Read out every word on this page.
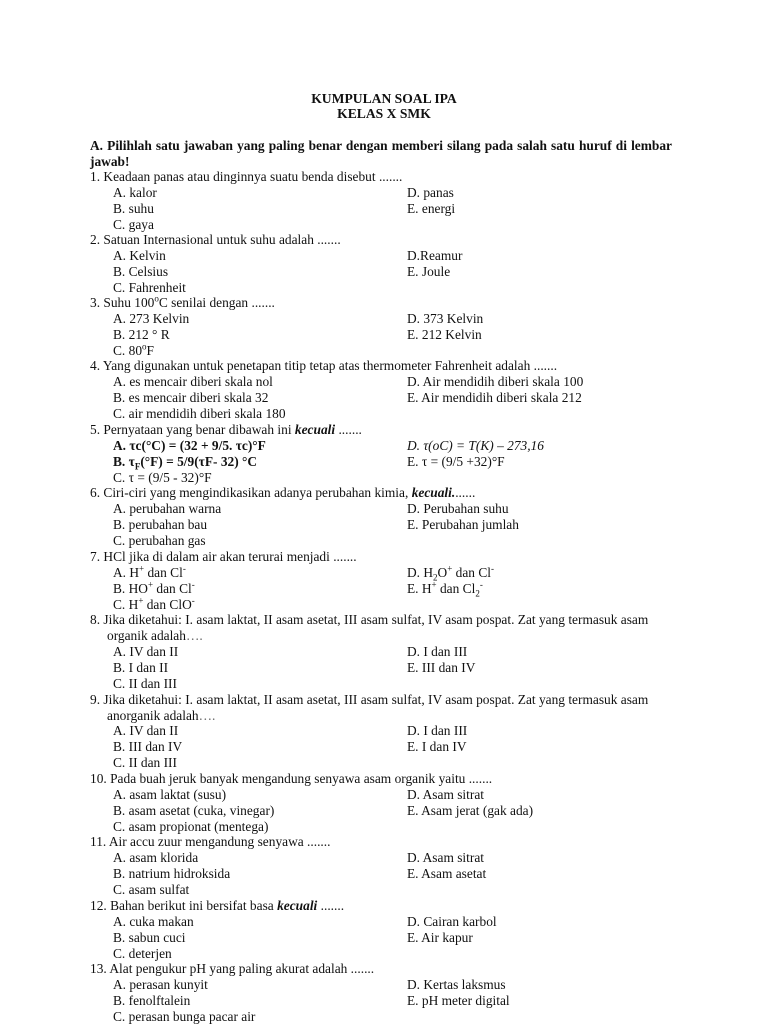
KUMPULAN SOAL IPA
KELAS X SMK
A. Pilihlah satu jawaban yang paling benar dengan memberi silang pada salah satu huruf di lembar jawab!
1. Keadaan panas atau dinginnya suatu benda disebut .......
A. kalor
B. suhu
C. gaya
D. panas
E. energi
2. Satuan Internasional untuk suhu adalah .......
A. Kelvin
B. Celsius
C. Fahrenheit
D.Reamur
E. Joule
3. Suhu 100$^o$C senilai dengan .......
A. 273 Kelvin
B. 212 ° R
C. 80$^o$F
D. 373 Kelvin
E. 212 Kelvin
4. Yang digunakan untuk penetapan titip tetap atas thermometer Fahrenheit adalah .......
A. es mencair diberi skala nol
B. es mencair diberi skala 32
C. air mendidih diberi skala 180
D. Air mendidih diberi skala 100
E. Air mendidih diberi skala 212
5. Pernyataan yang benar dibawah ini kecuali .......
A. τc(°C) = (32 + 9/5. τc)°F
B. $\tau_F(^\circ F) = 5/9(\tau F-$ 32) °C
C. τ = (9/5 - 32)°F
D. τ(oC) = T(K) – 273,16
E. τ = (9/5 +32)°F
6. Ciri-ciri yang mengindikasikan adanya perubahan kimia, kecuali.......
A. perubahan warna
B. perubahan bau
C. perubahan gas
D. Perubahan suhu
E. Perubahan jumlah
7. HCl jika di dalam air akan terurai menjadi .......
A. H+ dan Cl-
B. HO+ dan Cl-
C. H+ dan ClO-
D. $H_2O^+$ dan Cl-
E. H+ dan $Cl_2^-$
8. Jika diketahui: I. asam laktat, II asam asetat, III asam sulfat, IV asam pospat. Zat yang termasuk asam
organik adalah….
A. IV dan II
B. I dan II
C. II dan III
D. I dan III
E. III dan IV
9. Jika diketahui: I. asam laktat, II asam asetat, III asam sulfat, IV asam pospat. Zat yang termasuk asam
anorganik adalah….
A. IV dan II
B. III dan IV
C. II dan III
D. I dan III
E. I dan IV
10. Pada buah jeruk banyak mengandung senyawa asam organik yaitu .......
A. asam laktat (susu)
B. asam asetat (cuka, vinegar)
C. asam propionat (mentega)
D. Asam sitrat
E. Asam jerat (gak ada)
11. Air accu zuur mengandung senyawa .......
A. asam klorida
B. natrium hidroksida
C. asam sulfat
D. Asam sitrat
E. Asam asetat
12. Bahan berikut ini bersifat basa kecuali .......
A. cuka makan
B. sabun cuci
C. deterjen
D. Cairan karbol
E. Air kapur
13. Alat pengukur pH yang paling akurat adalah .......
A. perasan kunyit
B. fenolftalein
C. perasan bunga pacar air
D. Kertas laksmus
E. pH meter digital
